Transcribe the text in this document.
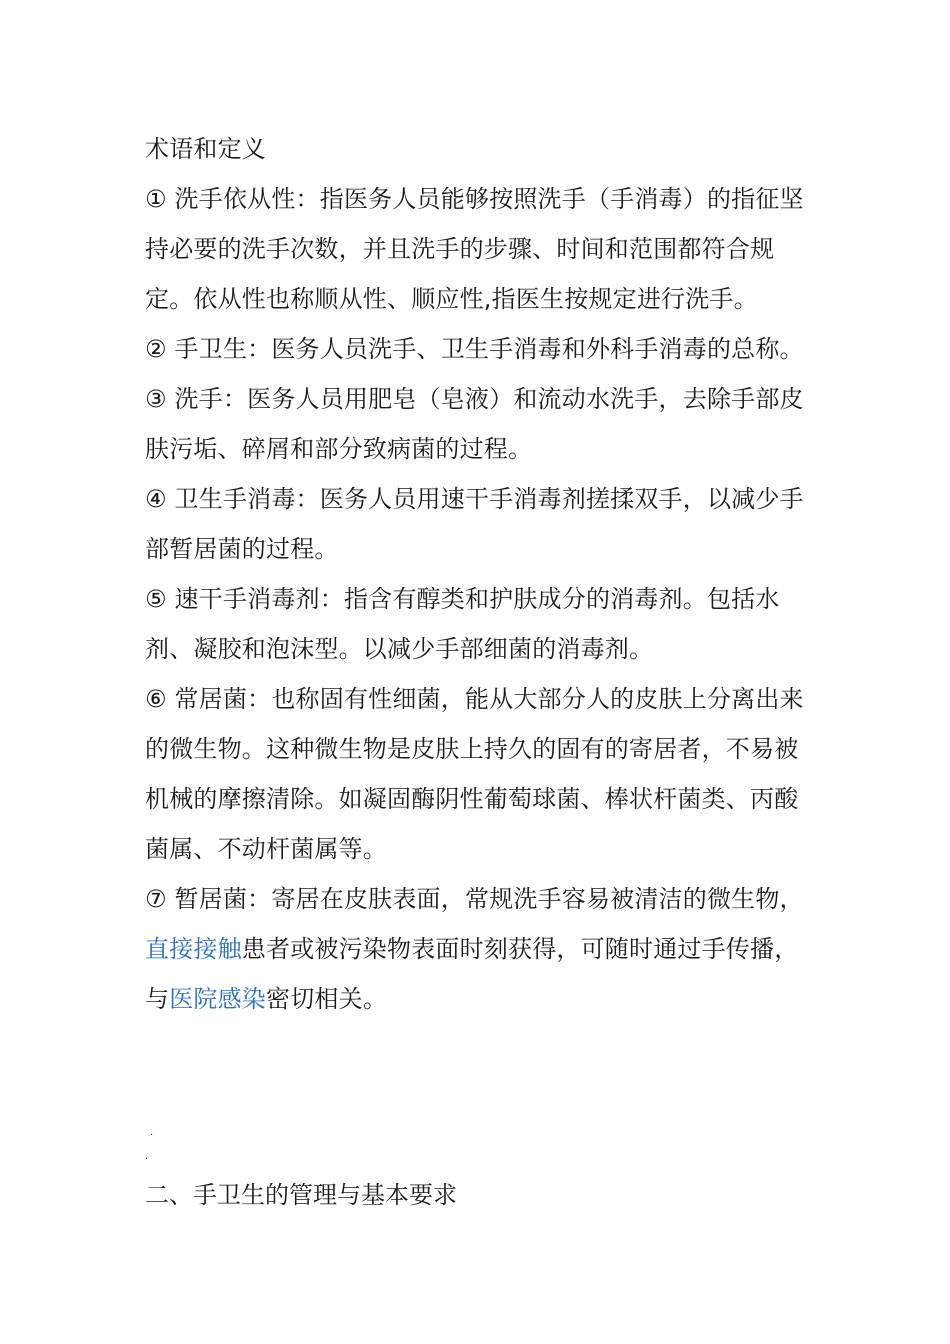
术语和定义

① 洗手依从性：指医务人员能够按照洗手（手消毒）的指征坚持必要的洗手次数，并且洗手的步骤、时间和范围都符合规定。依从性也称顺从性、顺应性,指医生按规定进行洗手。

② 手卫生：医务人员洗手、卫生手消毒和外科手消毒的总称。

③ 洗手：医务人员用肥皂（皂液）和流动水洗手，去除手部皮肤污垢、碎屑和部分致病菌的过程。

④ 卫生手消毒：医务人员用速干手消毒剂搓揉双手，以减少手部暂居菌的过程。

⑤ 速干手消毒剂：指含有醇类和护肤成分的消毒剂。包括水剂、凝胶和泡沫型。以减少手部细菌的消毒剂。

⑥ 常居菌：也称固有性细菌，能从大部分人的皮肤上分离出来的微生物。这种微生物是皮肤上持久的固有的寄居者，不易被机械的摩擦清除。如凝固酶阴性葡萄球菌、棒状杆菌类、丙酸菌属、不动杆菌属等。

⑦ 暂居菌：寄居在皮肤表面，常规洗手容易被清洁的微生物，直接接触患者或被污染物表面时刻获得，可随时通过手传播，与医院感染密切相关。

.
.

二、手卫生的管理与基本要求
